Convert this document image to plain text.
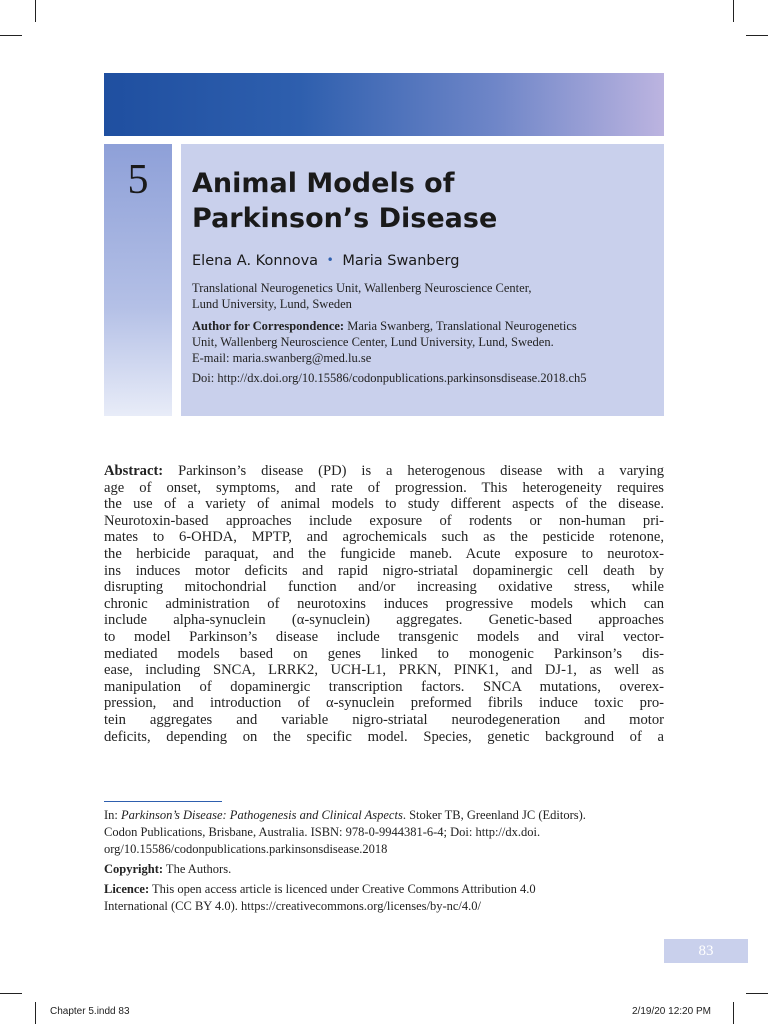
5	Animal Models of
Parkinson’s Disease
Elena A. Konnova • Maria Swanberg
Translational Neurogenetics Unit, Wallenberg Neuroscience Center,
Lund University, Lund, Sweden
Author for Correspondence: Maria Swanberg, Translational Neurogenetics
Unit, Wallenberg Neuroscience Center, Lund University, Lund, Sweden.
E-mail: maria.swanberg@med.lu.se
Doi: http://dx.doi.org/10.15586/codonpublications.parkinsonsdisease.2018.ch5
Abstract: Parkinson’s disease (PD) is a heterogenous disease with a varying
age of onset, symptoms, and rate of progression. This heterogeneity requires
the use of a variety of animal models to study different aspects of the disease.
Neurotoxin-based approaches include exposure of rodents or non-human pri-
mates to 6-OHDA, MPTP, and agrochemicals such as the pesticide rotenone,
the herbicide paraquat, and the fungicide maneb. Acute exposure to neurotox-
ins induces motor deficits and rapid nigro-striatal dopaminergic cell death by
disrupting mitochondrial function and/or increasing oxidative stress, while
chronic administration of neurotoxins induces progressive models which can
include alpha-synuclein (α-synuclein) aggregates. Genetic-based approaches
to model Parkinson’s disease include transgenic models and viral vector-
mediated models based on genes linked to monogenic Parkinson’s dis-
ease, including SNCA, LRRK2, UCH-L1, PRKN, PINK1, and DJ-1, as well as
manipulation of dopaminergic transcription factors. SNCA mutations, overex-
pression, and introduction of α-synuclein preformed fibrils induce toxic pro-
tein aggregates and variable nigro-striatal neurodegeneration and motor
deficits, depending on the specific model. Species, genetic background of a
In: Parkinson’s Disease: Pathogenesis and Clinical Aspects. Stoker TB, Greenland JC (Editors).
Codon Publications, Brisbane, Australia. ISBN: 978-0-9944381-6-4; Doi: http://dx.doi.
org/10.15586/codonpublications.parkinsonsdisease.2018
Copyright: The Authors.
Licence: This open access article is licenced under Creative Commons Attribution 4.0
International (CC BY 4.0). https://creativecommons.org/licenses/by-nc/4.0/
83
Chapter 5.indd 83	2/19/20 12:20 PM
